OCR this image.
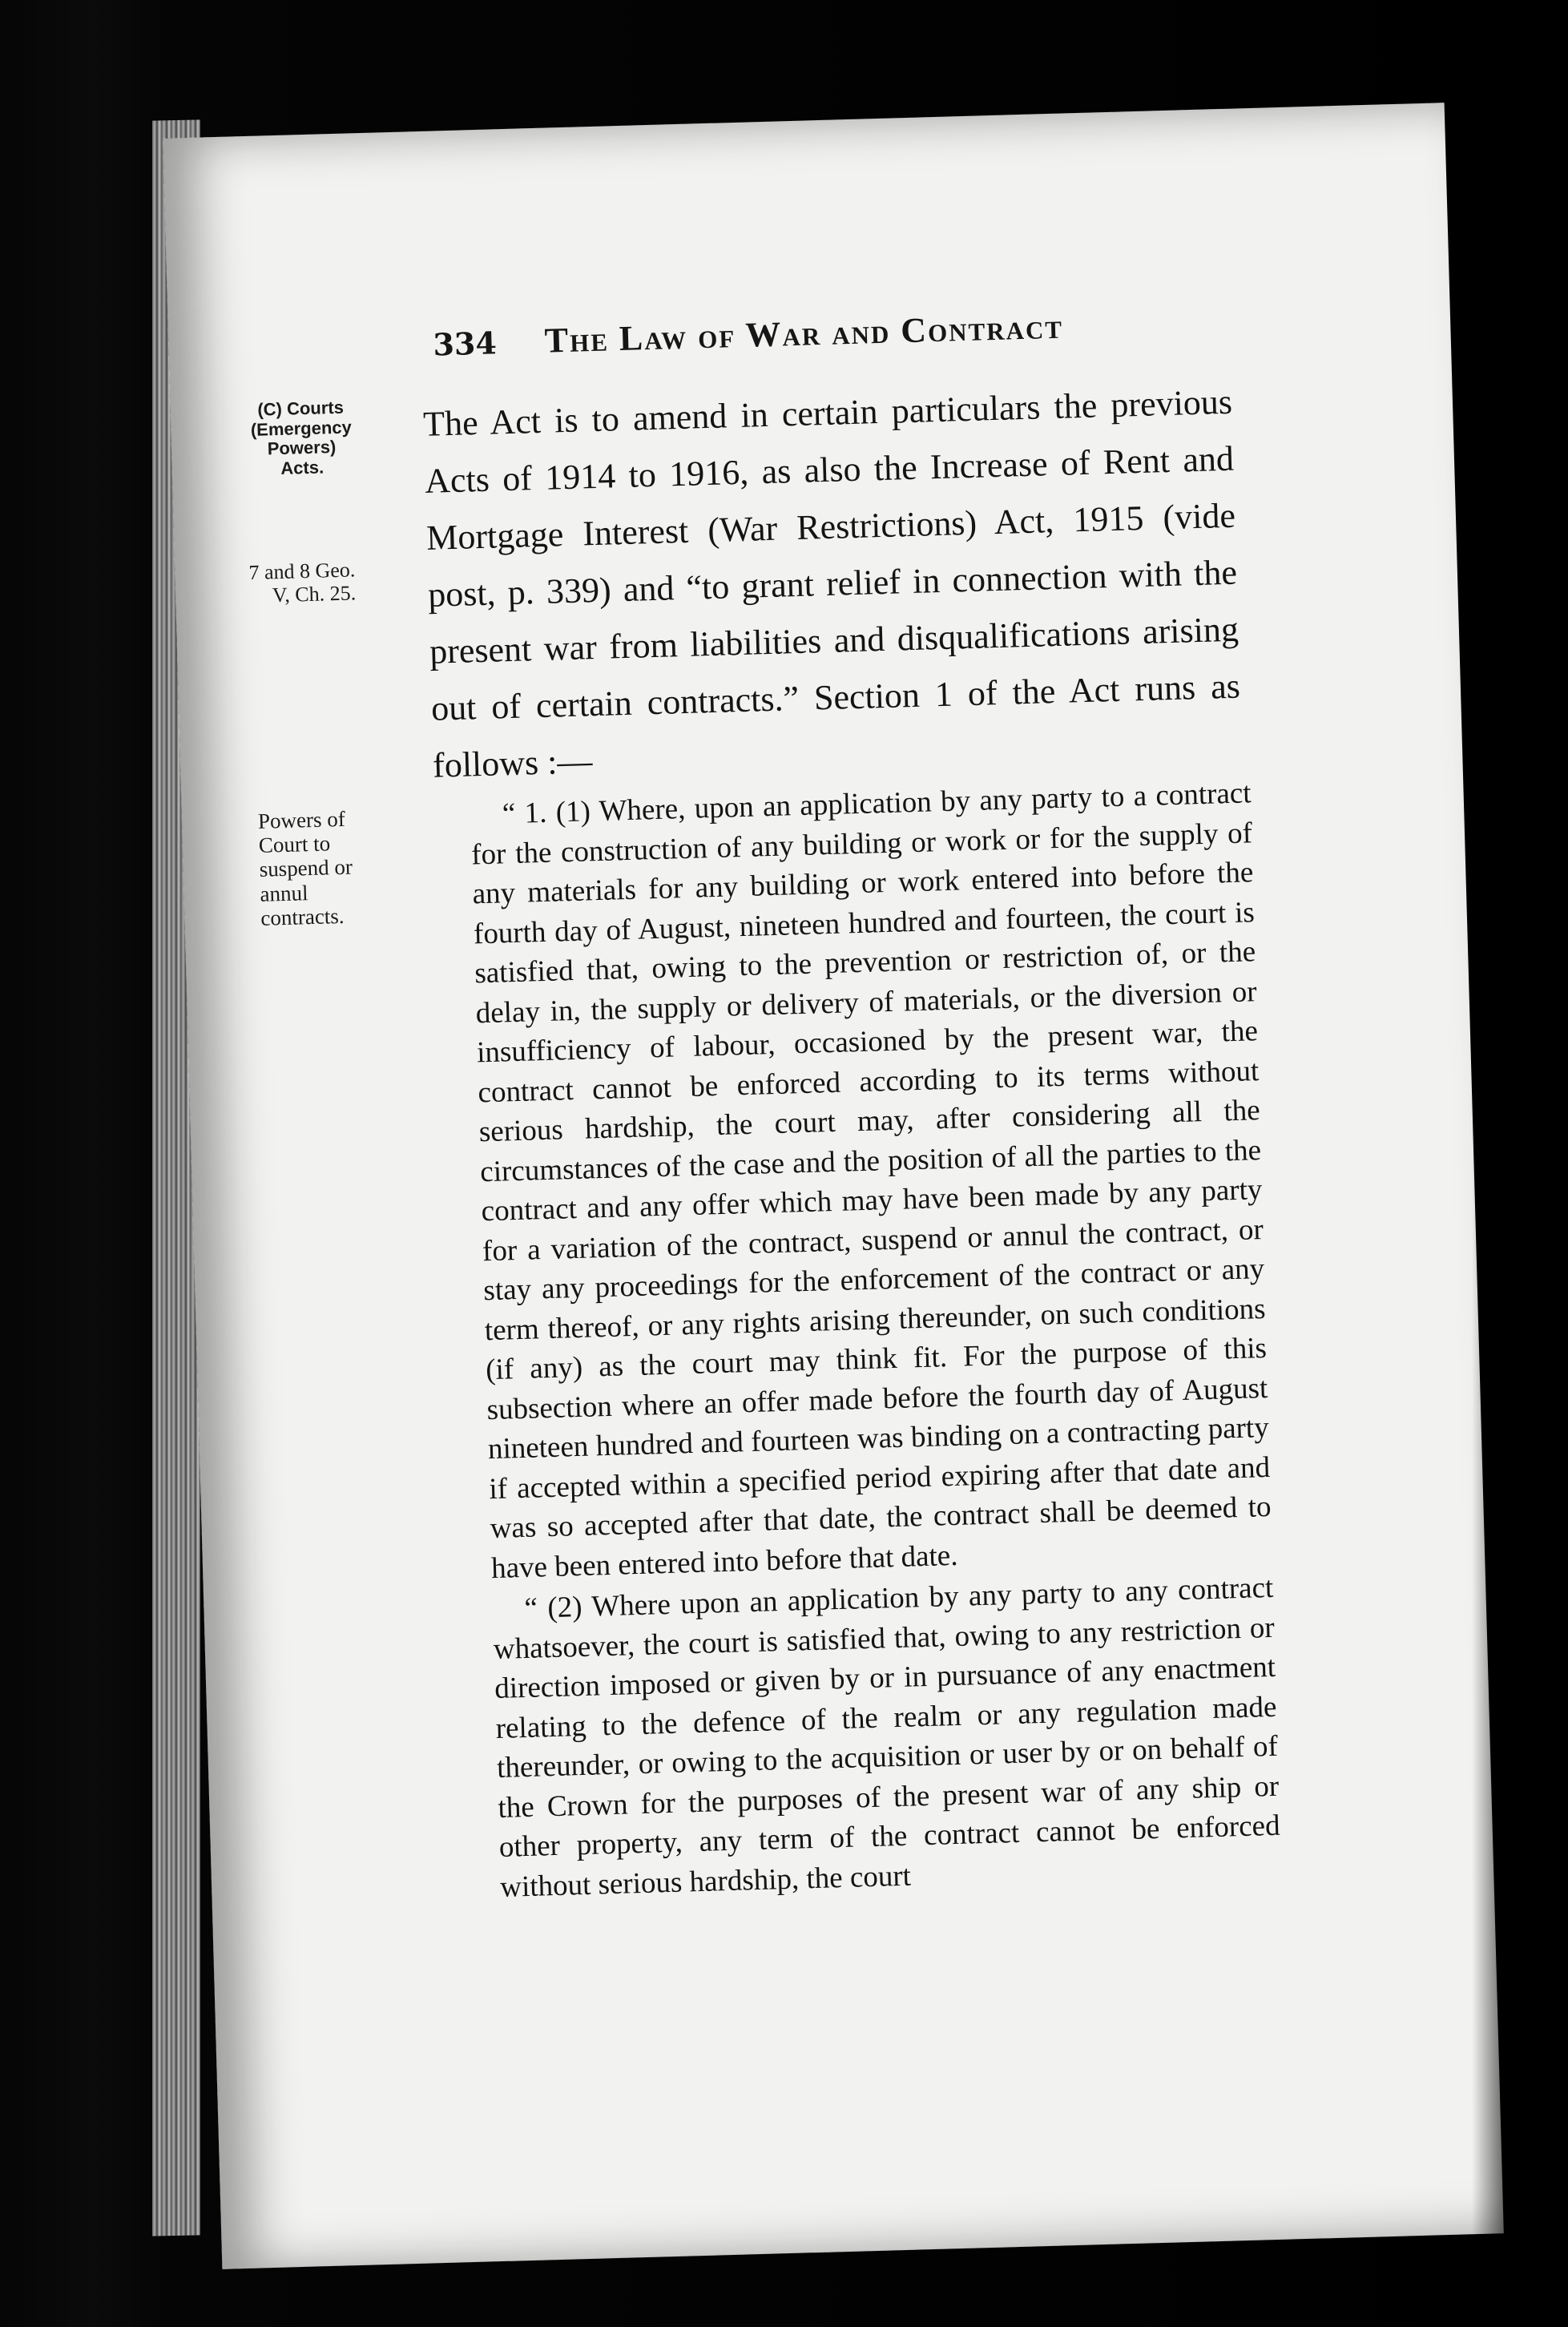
334 The Law of War and Contract
(C) Courts (Emergency Powers) Acts.
7 and 8 Geo. V, Ch. 25.
Powers of Court to suspend or annul contracts.
The Act is to amend in certain particulars the previous Acts of 1914 to 1916, as also the Increase of Rent and Mortgage Interest (War Restrictions) Act, 1915 (vide post, p. 339) and “to grant relief in connection with the present war from liabilities and disqualifications arising out of certain contracts.” Section 1 of the Act runs as follows :—

“ 1. (1) Where, upon an application by any party to a contract for the construction of any building or work or for the supply of any materials for any building or work entered into before the fourth day of August, nineteen hundred and fourteen, the court is satisfied that, owing to the prevention or restriction of, or the delay in, the supply or delivery of materials, or the diversion or insufficiency of labour, occasioned by the present war, the contract cannot be enforced according to its terms without serious hardship, the court may, after considering all the circumstances of the case and the position of all the parties to the contract and any offer which may have been made by any party for a variation of the contract, suspend or annul the contract, or stay any proceedings for the enforcement of the contract or any term thereof, or any rights arising thereunder, on such conditions (if any) as the court may think fit. For the purpose of this subsection where an offer made before the fourth day of August nineteen hundred and fourteen was binding on a contracting party if accepted within a specified period expiring after that date and was so accepted after that date, the contract shall be deemed to have been entered into before that date.

“ (2) Where upon an application by any party to any contract whatsoever, the court is satisfied that, owing to any restriction or direction imposed or given by or in pursuance of any enactment relating to the defence of the realm or any regulation made thereunder, or owing to the acquisition or user by or on behalf of the Crown for the purposes of the present war of any ship or other property, any term of the contract cannot be enforced without serious hardship, the court
